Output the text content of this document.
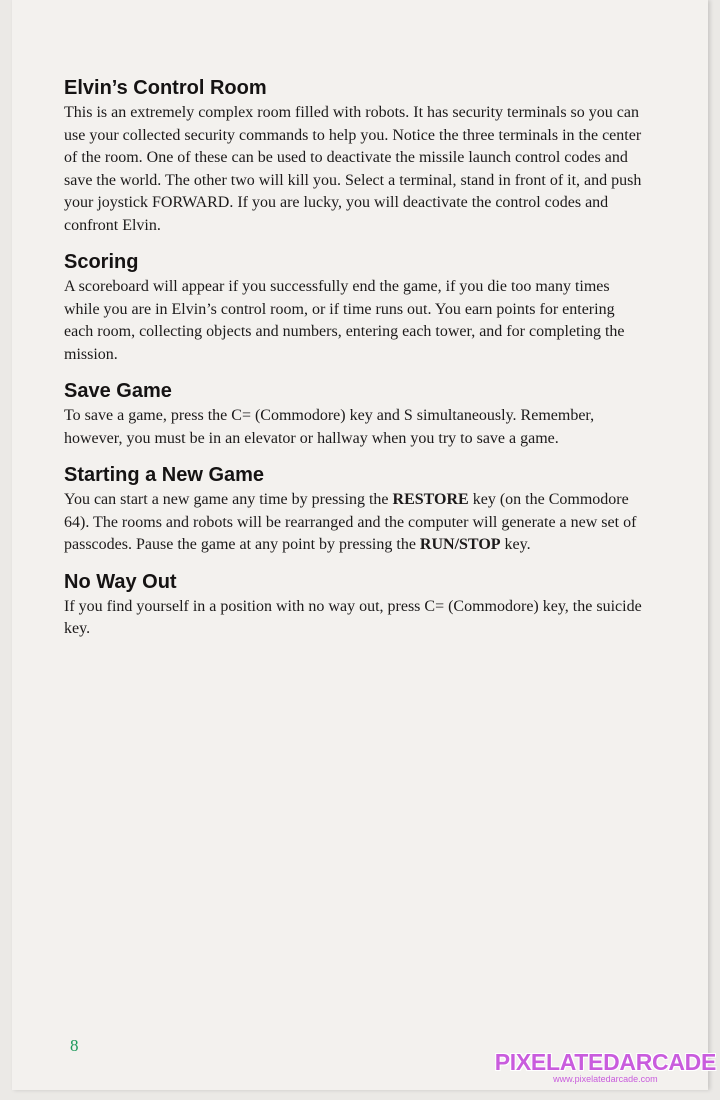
Elvin’s Control Room

This is an extremely complex room filled with robots. It has security terminals so you can use your collected security commands to help you. Notice the three terminals in the center of the room. One of these can be used to deactivate the missile launch control codes and save the world. The other two will kill you. Select a terminal, stand in front of it, and push your joystick FORWARD. If you are lucky, you will deactivate the control codes and confront Elvin.

Scoring

A scoreboard will appear if you successfully end the game, if you die too many times while you are in Elvin’s control room, or if time runs out. You earn points for entering each room, collecting objects and numbers, entering each tower, and for completing the mission.

Save Game

To save a game, press the C= (Commodore) key and S simultaneously. Remember, however, you must be in an elevator or hallway when you try to save a game.

Starting a New Game

You can start a new game any time by pressing the RESTORE key (on the Commodore 64). The rooms and robots will be rearranged and the computer will generate a new set of passcodes. Pause the game at any point by pressing the RUN/STOP key.

No Way Out

If you find yourself in a position with no way out, press C= (Commodore) key, the suicide key.

8
PIXELATEDARCADE
www.pixelatedarcade.com
